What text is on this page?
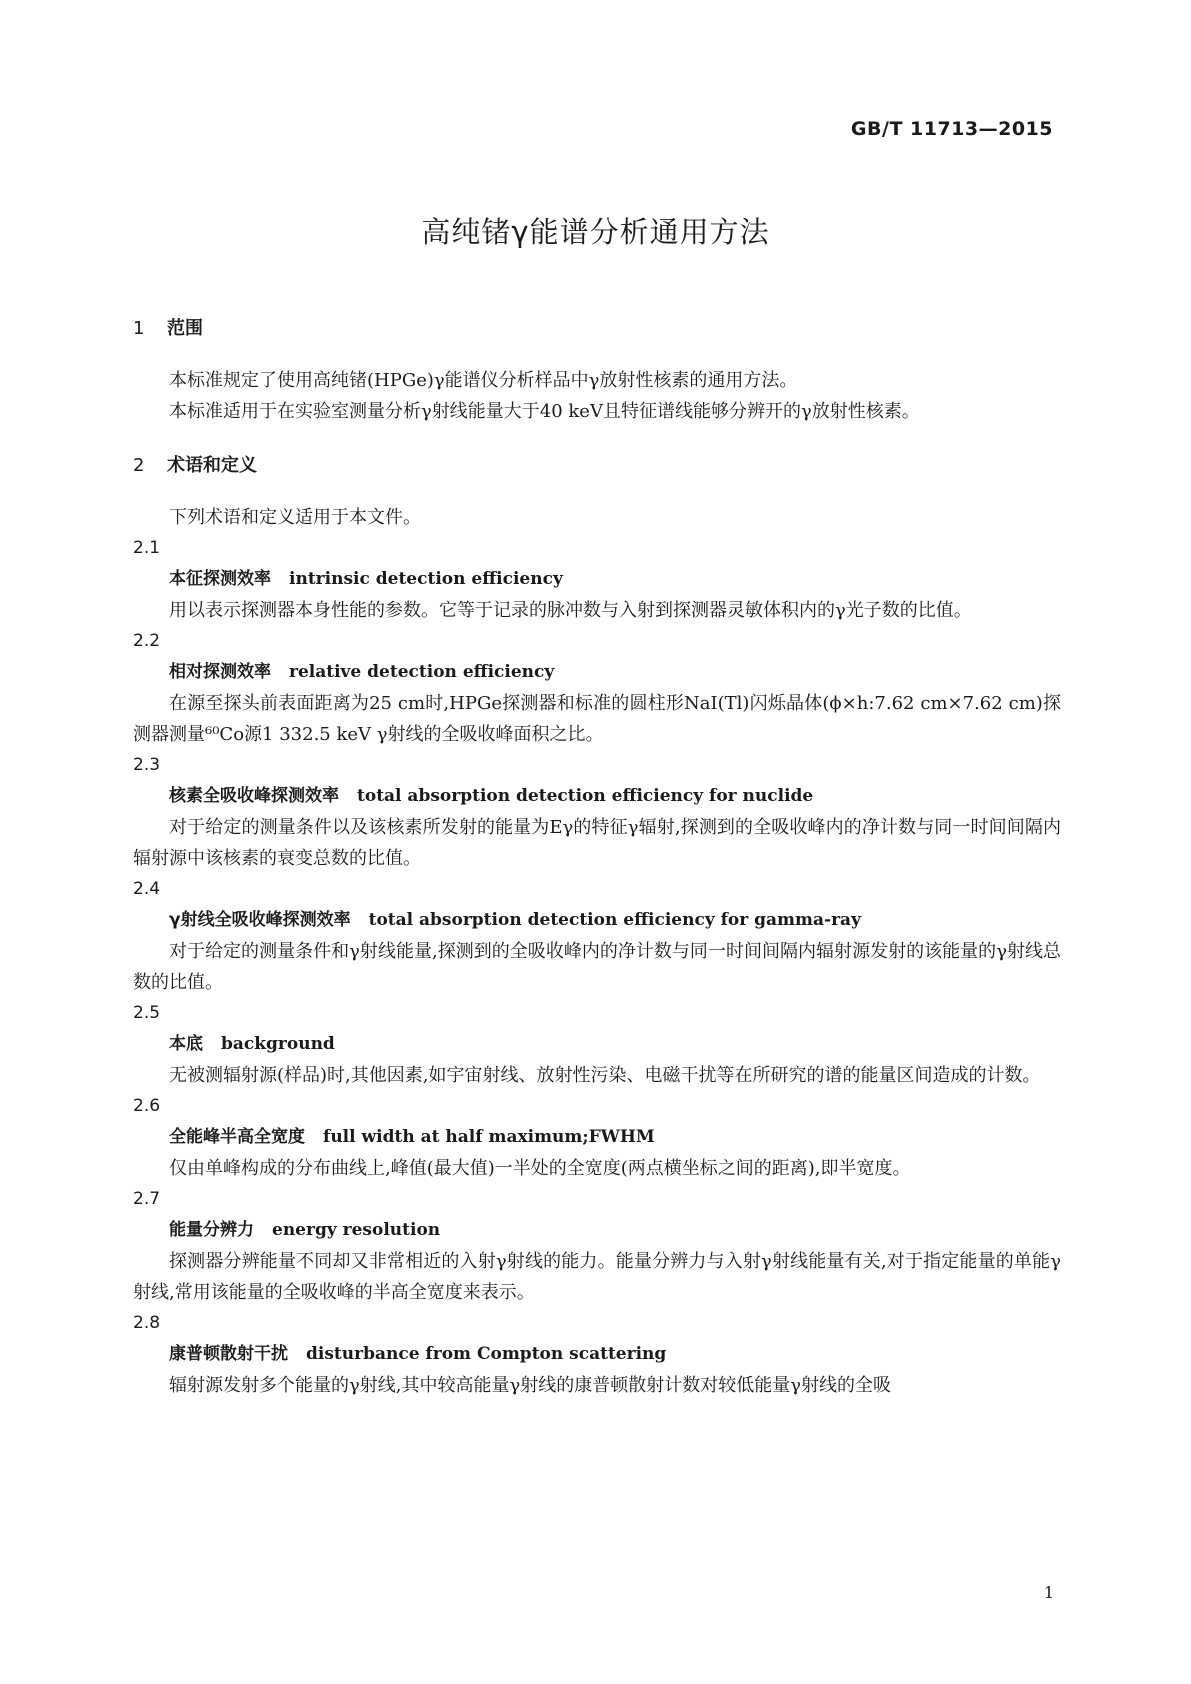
GB/T 11713—2015
高纯锗γ能谱分析通用方法
1 范围

本标准规定了使用高纯锗(HPGe)γ能谱仪分析样品中γ放射性核素的通用方法。

本标准适用于在实验室测量分析γ射线能量大于40 keV且特征谱线能够分辨开的γ放射性核素。

2 术语和定义

下列术语和定义适用于本文件。

2.1
本征探测效率 intrinsic detection efficiency

用以表示探测器本身性能的参数。它等于记录的脉冲数与入射到探测器灵敏体积内的γ光子数的比值。

2.2
相对探测效率 relative detection efficiency

在源至探头前表面距离为25 cm时,HPGe探测器和标准的圆柱形NaI(Tl)闪烁晶体(ϕ×h:7.62 cm×7.62 cm)探测器测量⁶⁰Co源1 332.5 keV γ射线的全吸收峰面积之比。

2.3
核素全吸收峰探测效率 total absorption detection efficiency for nuclide

对于给定的测量条件以及该核素所发射的能量为Eγ的特征γ辐射,探测到的全吸收峰内的净计数与同一时间间隔内辐射源中该核素的衰变总数的比值。

2.4
γ射线全吸收峰探测效率 total absorption detection efficiency for gamma-ray

对于给定的测量条件和γ射线能量,探测到的全吸收峰内的净计数与同一时间间隔内辐射源发射的该能量的γ射线总数的比值。

2.5
本底 background

无被测辐射源(样品)时,其他因素,如宇宙射线、放射性污染、电磁干扰等在所研究的谱的能量区间造成的计数。

2.6
全能峰半高全宽度 full width at half maximum;FWHM

仅由单峰构成的分布曲线上,峰值(最大值)一半处的全宽度(两点横坐标之间的距离),即半宽度。

2.7
能量分辨力 energy resolution

探测器分辨能量不同却又非常相近的入射γ射线的能力。能量分辨力与入射γ射线能量有关,对于指定能量的单能γ射线,常用该能量的全吸收峰的半高全宽度来表示。

2.8
康普顿散射干扰 disturbance from Compton scattering

辐射源发射多个能量的γ射线,其中较高能量γ射线的康普顿散射计数对较低能量γ射线的全吸

1
